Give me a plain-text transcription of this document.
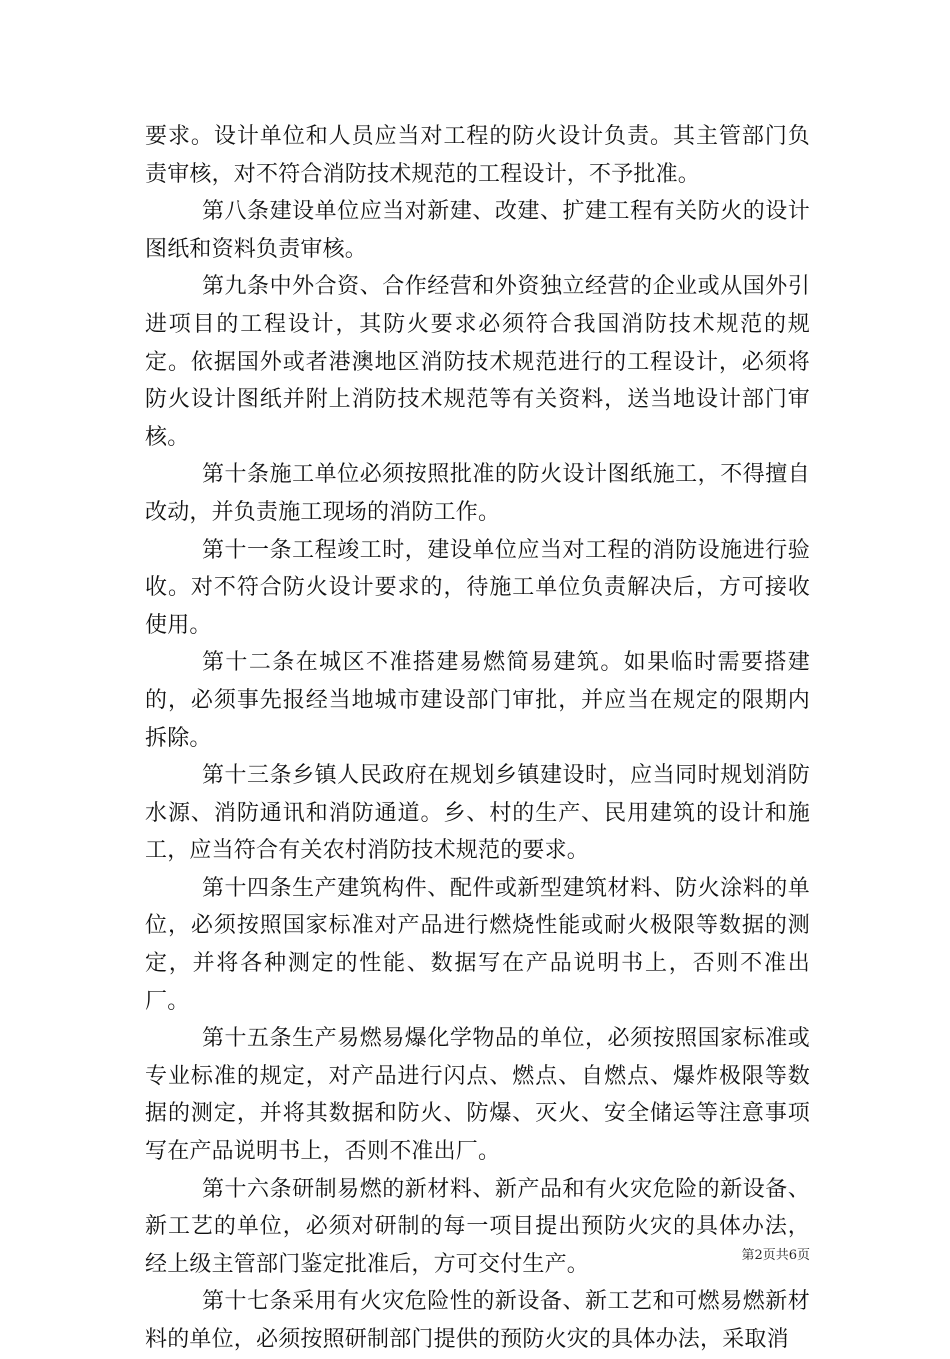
要求。设计单位和人员应当对工程的防火设计负责。其主管部门负责审核，对不符合消防技术规范的工程设计，不予批准。

第八条建设单位应当对新建、改建、扩建工程有关防火的设计图纸和资料负责审核。

第九条中外合资、合作经营和外资独立经营的企业或从国外引进项目的工程设计，其防火要求必须符合我国消防技术规范的规定。依据国外或者港澳地区消防技术规范进行的工程设计，必须将防火设计图纸并附上消防技术规范等有关资料，送当地设计部门审核。

第十条施工单位必须按照批准的防火设计图纸施工，不得擅自改动，并负责施工现场的消防工作。

第十一条工程竣工时，建设单位应当对工程的消防设施进行验收。对不符合防火设计要求的，待施工单位负责解决后，方可接收使用。

第十二条在城区不准搭建易燃简易建筑。如果临时需要搭建的，必须事先报经当地城市建设部门审批，并应当在规定的限期内拆除。

第十三条乡镇人民政府在规划乡镇建设时，应当同时规划消防水源、消防通讯和消防通道。乡、村的生产、民用建筑的设计和施工，应当符合有关农村消防技术规范的要求。

第十四条生产建筑构件、配件或新型建筑材料、防火涂料的单位，必须按照国家标准对产品进行燃烧性能或耐火极限等数据的测定，并将各种测定的性能、数据写在产品说明书上，否则不准出厂。

第十五条生产易燃易爆化学物品的单位，必须按照国家标准或专业标准的规定，对产品进行闪点、燃点、自燃点、爆炸极限等数据的测定，并将其数据和防火、防爆、灭火、安全储运等注意事项写在产品说明书上，否则不准出厂。

第十六条研制易燃的新材料、新产品和有火灾危险的新设备、新工艺的单位，必须对研制的每一项目提出预防火灾的具体办法，经上级主管部门鉴定批准后，方可交付生产。

第十七条采用有火灾危险性的新设备、新工艺和可燃易燃新材料的单位，必须按照研制部门提供的预防火灾的具体办法，采取消

第2页共6页
